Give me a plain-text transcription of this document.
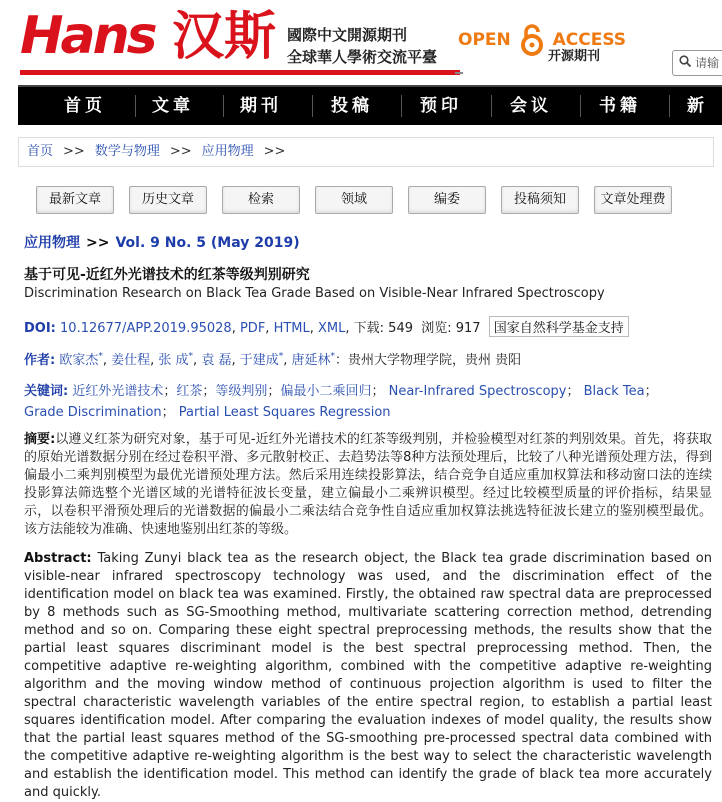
Hans 汉斯 國際中文開源期刊
全球華人學術交流平臺
OPEN ACCESS
开源期刊	请输
首页	文章	期刊	投稿	预印	会议	书籍	新闻
首页 >> 数学与物理 >> 应用物理 >>
最新文章	历史文章	检索	领域	编委	投稿须知	文章处理费
应用物理 >> Vol. 9 No. 5 (May 2019)
基于可见-近红外光谱技术的红茶等级判别研究
Discrimination Research on Black Tea Grade Based on Visible-Near Infrared Spectroscopy
DOI: 10.12677/APP.2019.95028, PDF, HTML, XML, 下载: 549 浏览: 917 国家自然科学基金支持
作者: 欧家杰*, 姜仕程, 张 成*, 袁 磊, 于建成*, 唐延林*：贵州大学物理学院，贵州 贵阳
关键词: 近红外光谱技术；红茶；等级判别；偏最小二乘回归； Near-Infrared Spectroscopy； Black Tea；
Grade Discrimination； Partial Least Squares Regression
摘要:以遵义红茶为研究对象，基于可见-近红外光谱技术的红茶等级判别，并检验模型对红茶的判别效果。首先，将获取的原始光谱数据分别在经过卷积平滑、多元散射校正、去趋势法等8种方法预处理后，比较了八种光谱预处理方法，得到偏最小二乘判别模型为最优光谱预处理方法。然后采用连续投影算法，结合竞争自适应重加权算法和移动窗口法的连续投影算法筛选整个光谱区域的光谱特征波长变量，建立偏最小二乘辨识模型。经过比较模型质量的评价指标，结果显示，以卷积平滑预处理后的光谱数据的偏最小二乘法结合竞争性自适应重加权算法挑选特征波长建立的鉴别模型最优。该方法能较为准确、快速地鉴别出红茶的等级。
Abstract: Taking Zunyi black tea as the research object, the Black tea grade discrimination based on visible-near infrared spectroscopy technology was used, and the discrimination effect of the identification model on black tea was examined. Firstly, the obtained raw spectral data are preprocessed by 8 methods such as SG-Smoothing method, multivariate scattering correction method, detrending method and so on. Comparing these eight spectral preprocessing methods, the results show that the partial least squares discriminant model is the best spectral preprocessing method. Then, the competitive adaptive re-weighting algorithm, combined with the competitive adaptive re-weighting algorithm and the moving window method of continuous projection algorithm is used to filter the spectral characteristic wavelength variables of the entire spectral region, to establish a partial least squares identification model. After comparing the evaluation indexes of model quality, the results show that the partial least squares method of the SG-smoothing pre-processed spectral data combined with the competitive adaptive re-weighting algorithm is the best way to select the characteristic wavelength and establish the identification model. This method can identify the grade of black tea more accurately and quickly.
